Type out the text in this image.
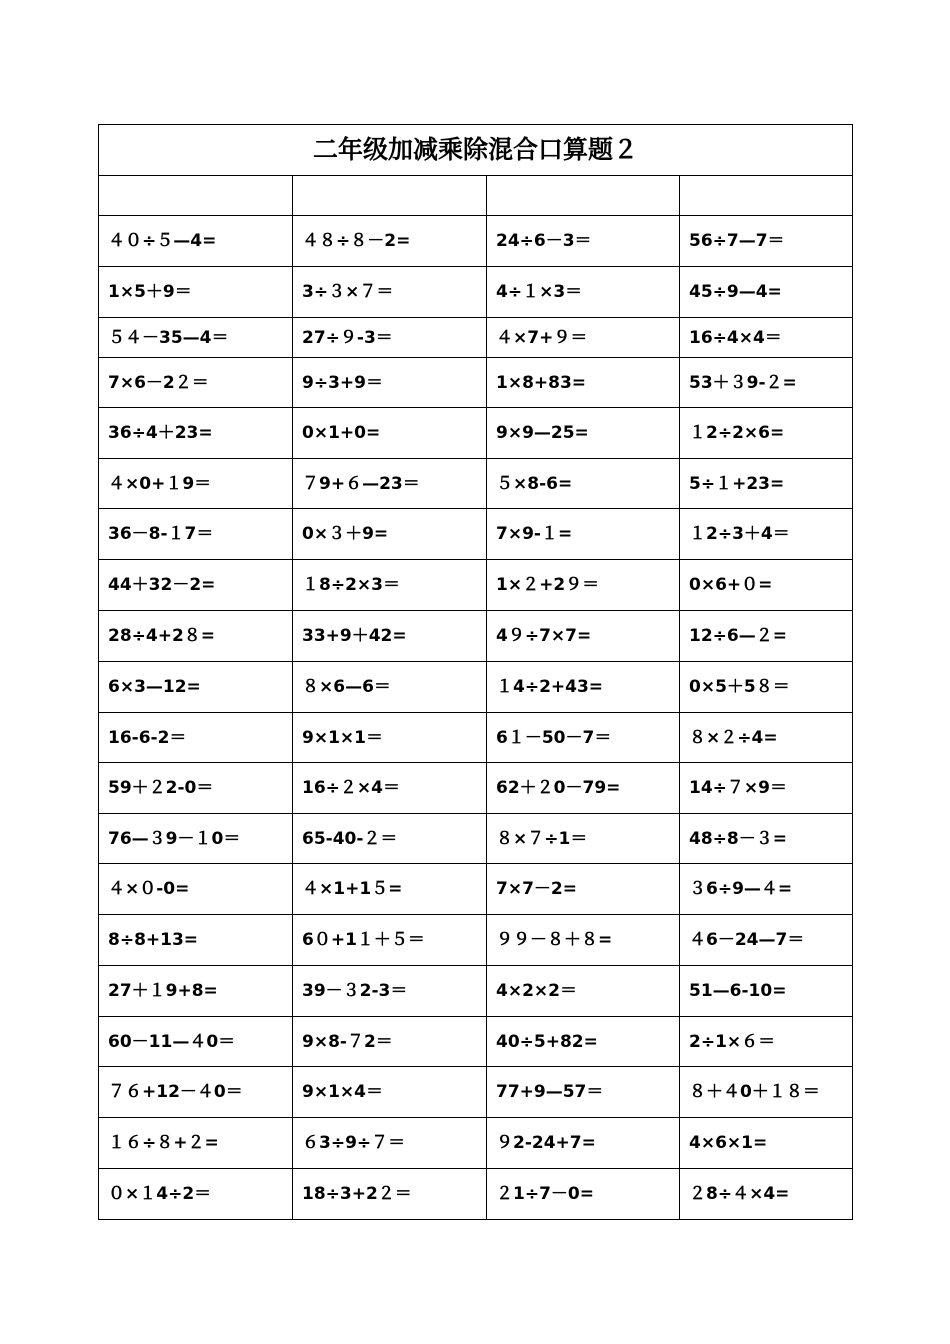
二年级加减乘除混合口算题２			

４０÷５—4=	４８÷８－2=	24÷6－3＝	56÷7—7＝
1×5＋9＝	3÷３×７＝	4÷１×3＝	45÷9—4=
５４－35—4＝	27÷９-3＝	４×7+９＝	16÷4×4＝
7×6－2２＝	9÷3+9＝	1×8+83=	53＋３9-２=
36÷4＋23=	0×1+0=	9×9—25=	１2÷2×6=
４×0+１9＝	７9+６—23＝	５×8-6=	5÷１+23=
36－8-１7＝	0×３＋9=	7×9-１=	１2÷3＋4＝
44＋32－2=	１8÷2×3＝	1×２+2９＝	0×6+０=
28÷4+2８=	33+9＋42=	4９÷7×7=	12÷6—２=
6×3—12=	８×6—6＝	１4÷2+43=	0×5＋5８＝
16-6-2＝	9×1×1＝	6１－50－7＝	８×２÷4=
59＋２2-0＝	16÷２×4＝	62＋２0－79=	14÷７×9＝
76—３9－１0＝	65-40-２＝	８×７÷1＝	48÷8－３=
４×０-0=	４×1+1５=	7×7－2=	３6÷9—４=
8÷8+13=	6０+1１＋５＝	９９－８＋８=	４6－24—7＝
27＋１9+8=	39－３2-3＝	4×2×2＝	51—6-10=
60－11—４0＝	9×8-７2＝	40÷5+82=	2÷1×６＝
７６+12－４0＝	9×1×4＝	77+9—57＝	８＋４0＋１８＝
１６÷８+２=	６3÷9÷７＝	９2-24+7=	4×6×1=
０×１4÷2＝	18÷3+2２＝	２1÷7－0=	２8÷４×4=
